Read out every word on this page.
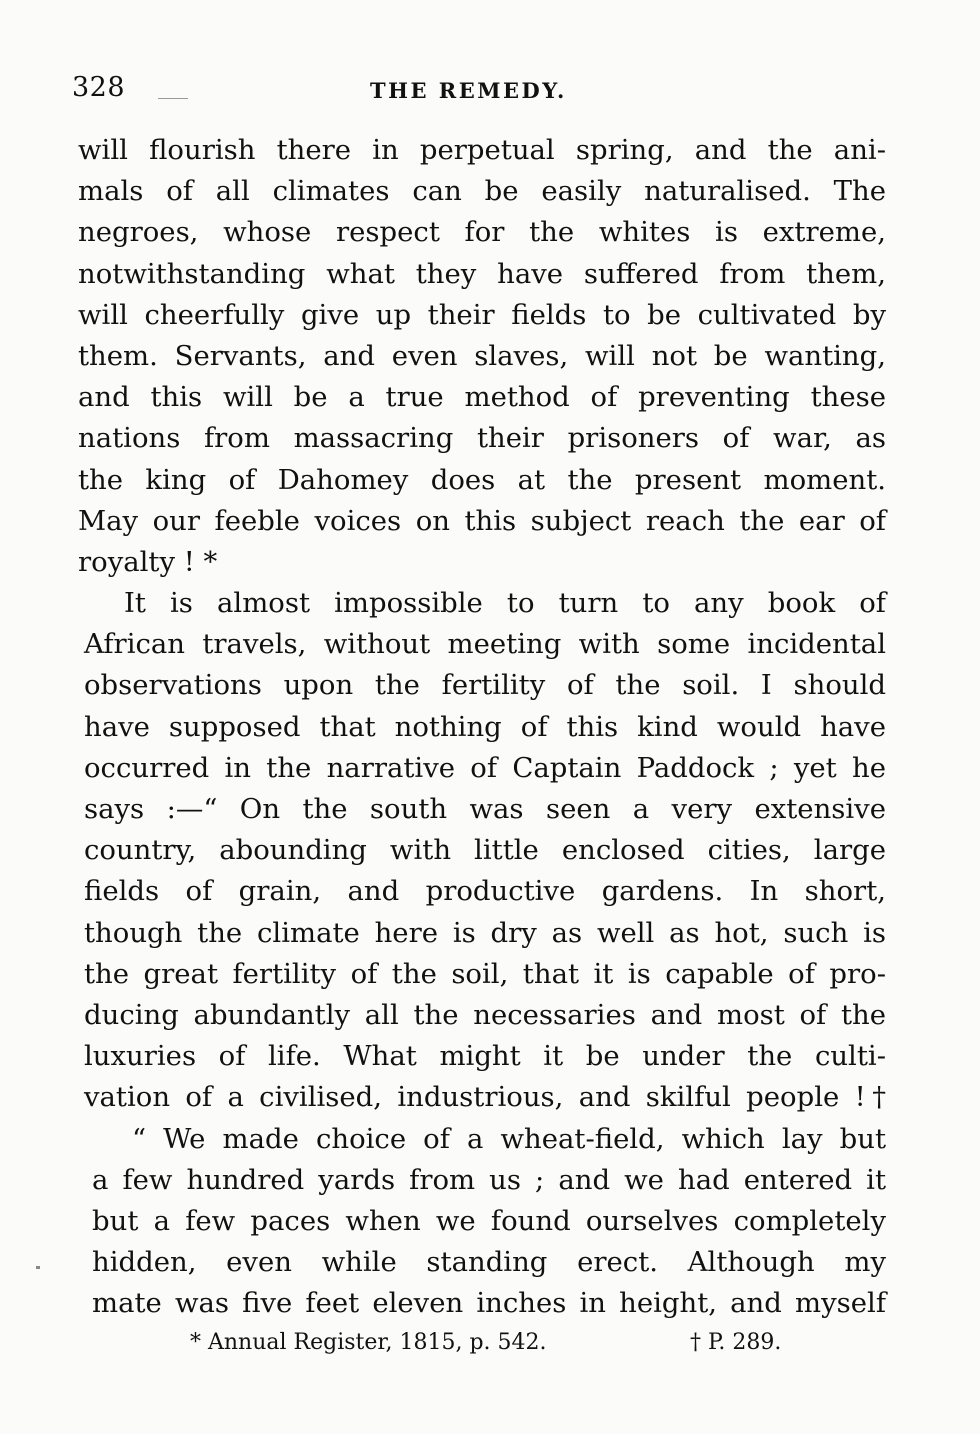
328	THE REMEDY.
will flourish there in perpetual spring, and the ani-
mals of all climates can be easily naturalised. The
negroes, whose respect for the whites is extreme,
notwithstanding what they have suffered from them,
will cheerfully give up their fields to be cultivated by
them. Servants, and even slaves, will not be wanting,
and this will be a true method of preventing these
nations from massacring their prisoners of war, as
the king of Dahomey does at the present moment.
May our feeble voices on this subject reach the ear of
royalty ! *
It is almost impossible to turn to any book of
African travels, without meeting with some incidental
observations upon the fertility of the soil. I should
have supposed that nothing of this kind would have
occurred in the narrative of Captain Paddock ; yet he
says :—“ On the south was seen a very extensive
country, abounding with little enclosed cities, large
fields of grain, and productive gardens. In short,
though the climate here is dry as well as hot, such is
the great fertility of the soil, that it is capable of pro-
ducing abundantly all the necessaries and most of the
luxuries of life. What might it be under the culti-
vation of a civilised, industrious, and skilful people !†
“ We made choice of a wheat-field, which lay but
a few hundred yards from us ; and we had entered it
but a few paces when we found ourselves completely
hidden, even while standing erect. Although my
mate was five feet eleven inches in height, and myself
* Annual Register, 1815, p. 542.	† P. 289.
